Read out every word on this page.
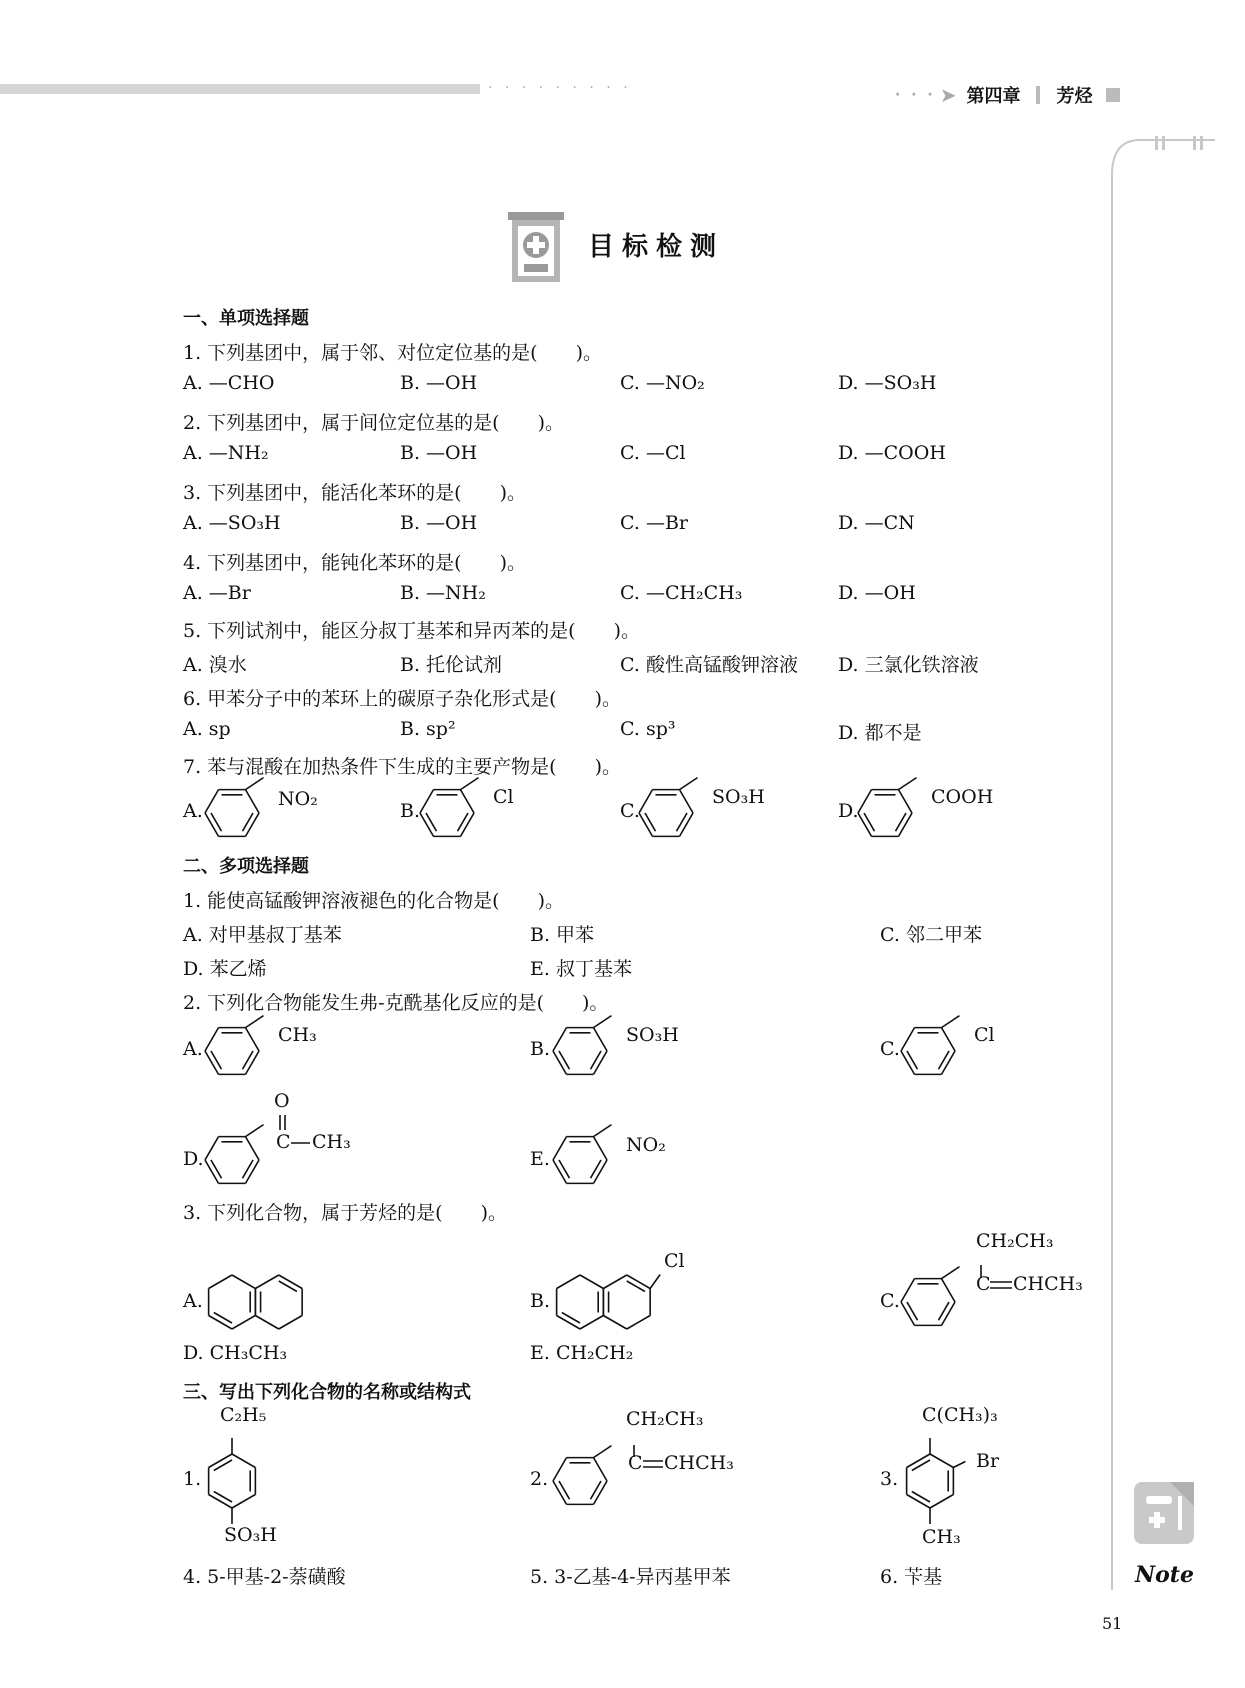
· · · · · · · · ·	· · · ➤ 第四章 芳烃
目标检测
一、单项选择题
1. 下列基团中，属于邻、对位定位基的是(　　)。
A. —CHO	B. —OH	C. —NO₂	D. —SO₃H
2. 下列基团中，属于间位定位基的是(　　)。
A. —NH₂	B. —OH	C. —Cl	D. —COOH
3. 下列基团中，能活化苯环的是(　　)。
A. —SO₃H	B. —OH	C. —Br	D. —CN
4. 下列基团中，能钝化苯环的是(　　)。
A. —Br	B. —NH₂	C. —CH₂CH₃	D. —OH
5. 下列试剂中，能区分叔丁基苯和异丙苯的是(　　)。
A. 溴水	B. 托伦试剂	C. 酸性高锰酸钾溶液 D. 三氯化铁溶液
6. 甲苯分子中的苯环上的碳原子杂化形式是(　　)。
A. sp	B. sp²	C. sp³	D. 都不是
7. 苯与混酸在加热条件下生成的主要产物是(　　)。
A.
NO₂
B.
Cl
C.
SO₃H
D.
COOH
二、多项选择题
1. 能使高锰酸钾溶液褪色的化合物是(　　)。
A. 对甲基叔丁基苯	B. 甲苯	C. 邻二甲苯
D. 苯乙烯	E. 叔丁基苯
2. 下列化合物能发生弗-克酰基化反应的是(　　)。
A.
CH₃
B.
SO₃H
C.
Cl
D.
O
C CH₃
E.
NO₂
3. 下列化合物，属于芳烃的是(　　)。
A.	B.
Cl
C.
CH₂CH₃
C CHCH₃
D. CH₃CH₃	E. CH₂CH₂
三、写出下列化合物的名称或结构式
1.
C₂H₅
SO₃H
2.
CH₂CH₃
C CHCH₃
3.
C(CH₃)₃
Br
CH₃
4. 5-甲基-2-萘磺酸	5. 3-乙基-4-异丙基甲苯	6. 苄基	Note
51
